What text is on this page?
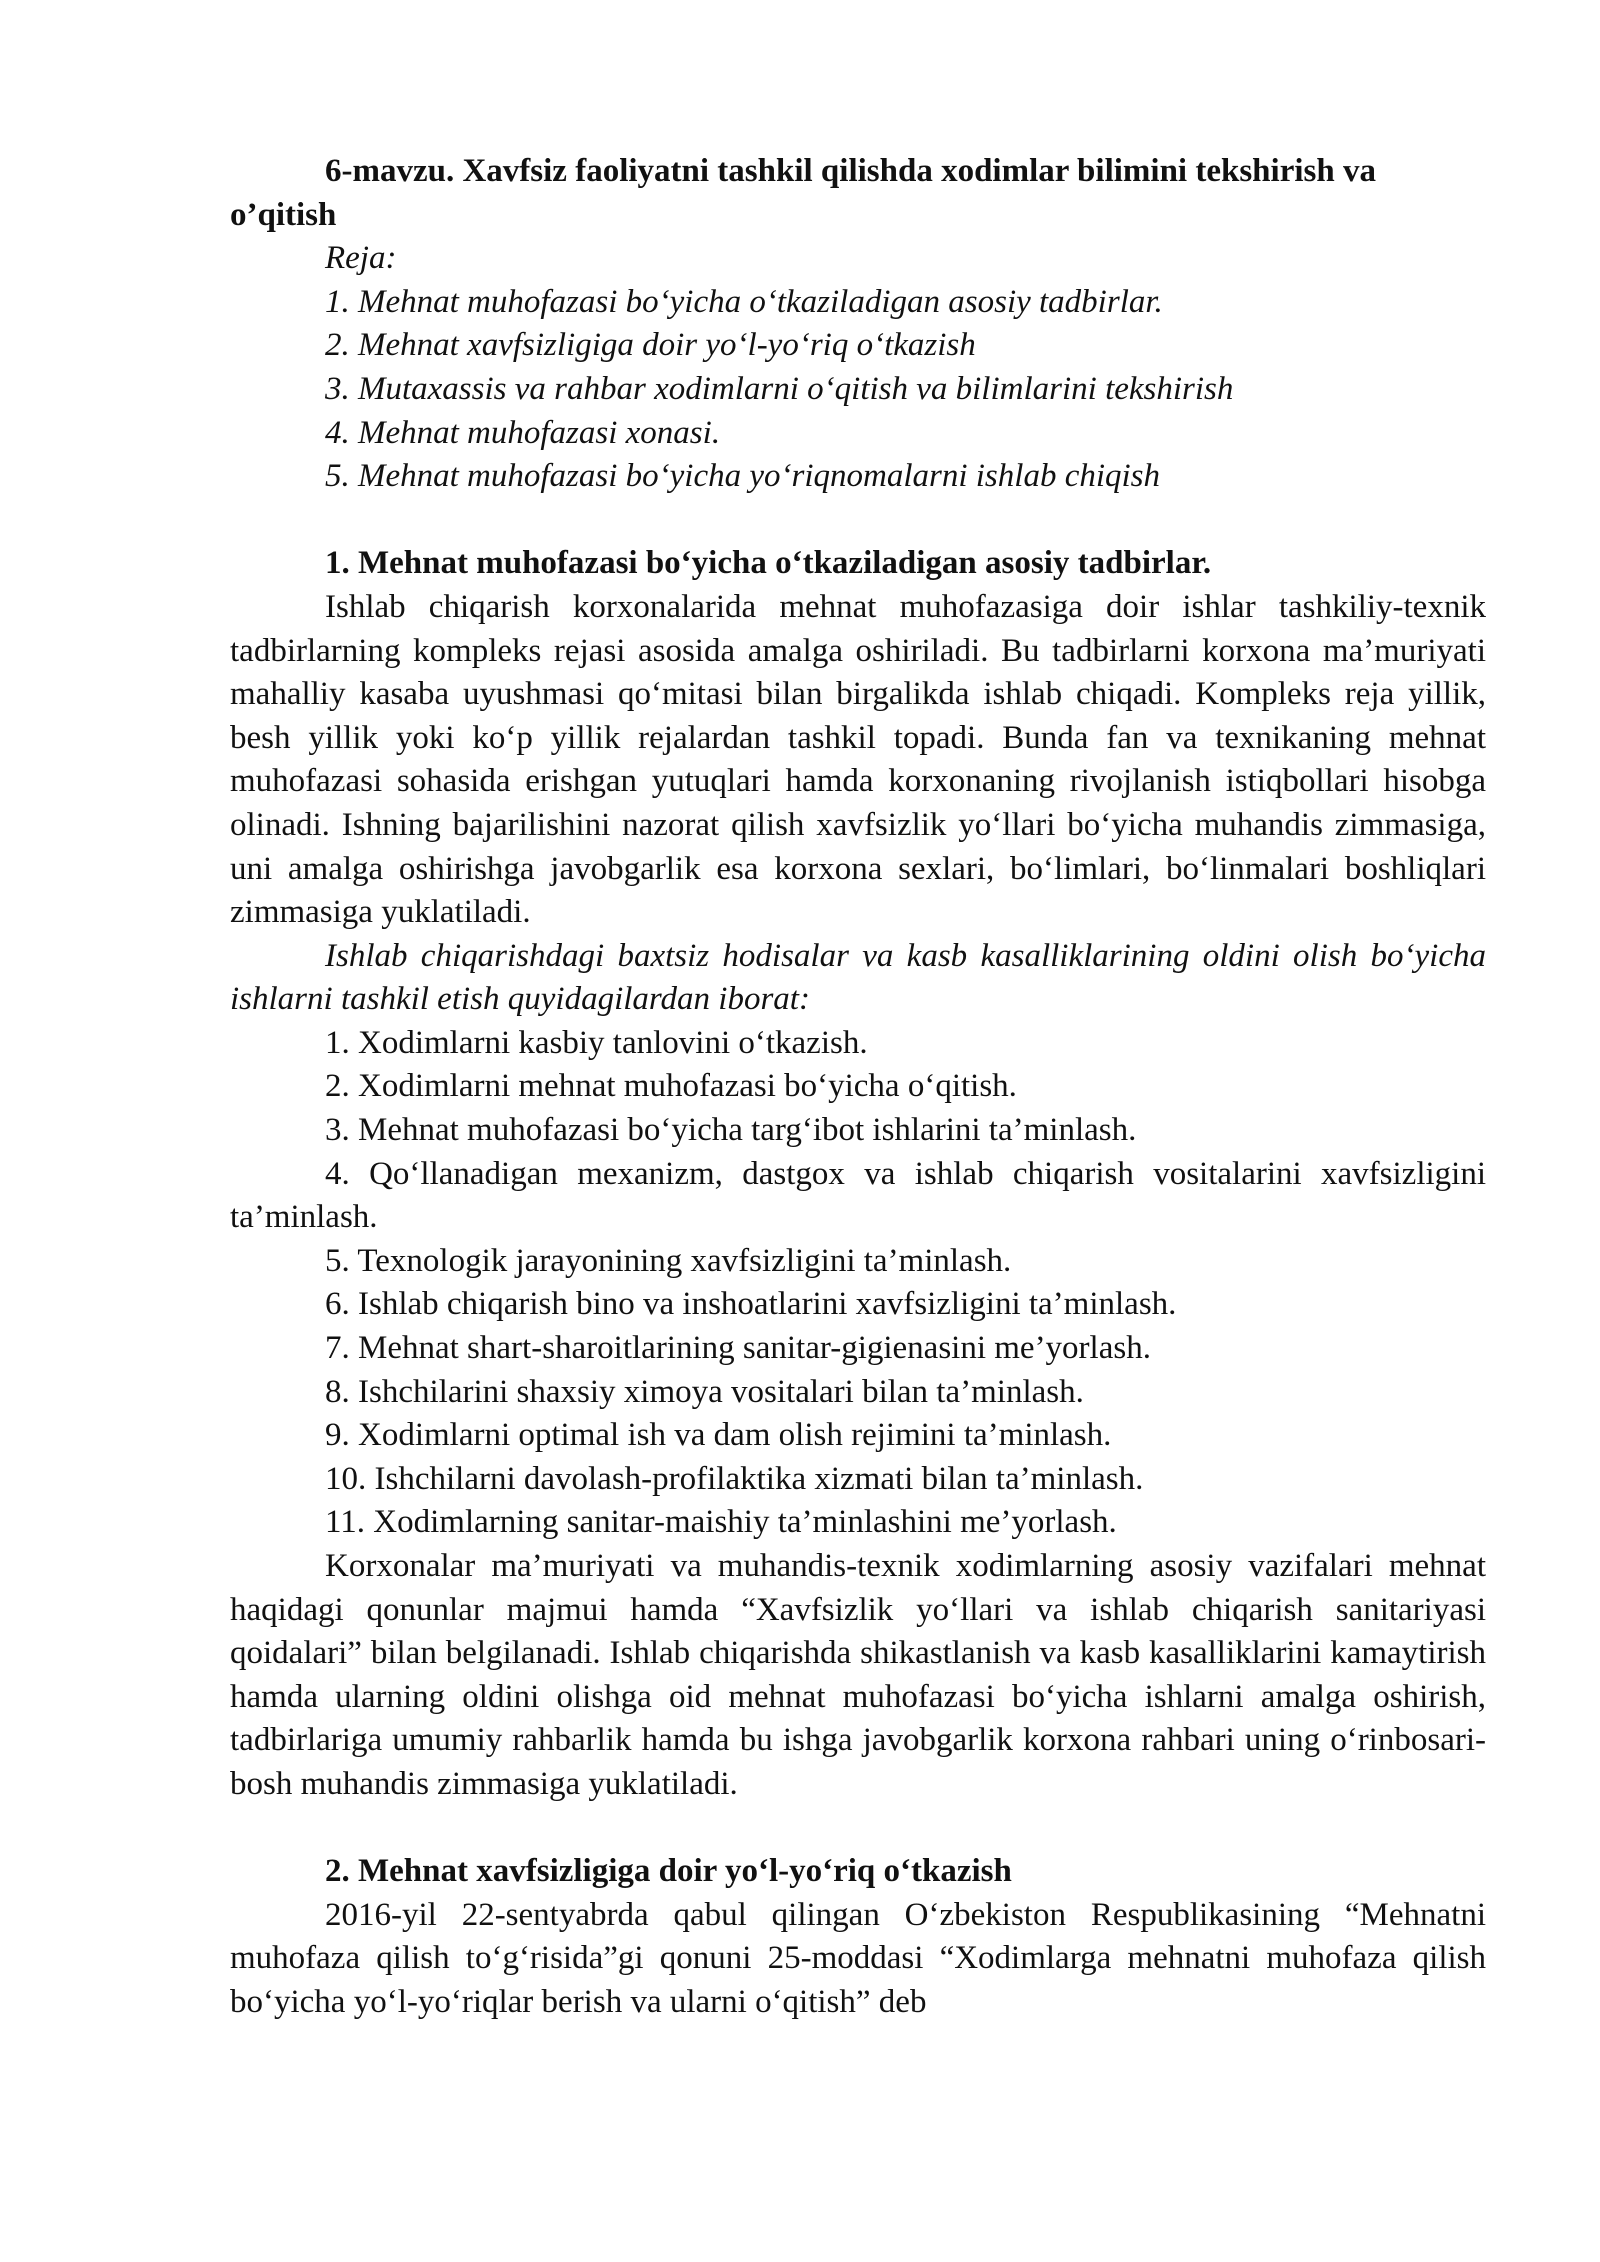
6-mavzu. Xavfsiz faoliyatni tashkil qilishda xodimlar bilimini tekshirish va o’qitish

Reja:
1. Mehnat muhofazasi bo‘yicha o‘tkaziladigan asosiy tadbirlar.
2. Mehnat xavfsizligiga doir yo‘l-yo‘riq o‘tkazish
3. Mutaxassis va rahbar xodimlarni o‘qitish va bilimlarini tekshirish
4. Mehnat muhofazasi xonasi.
5. Mehnat muhofazasi bo‘yicha yo‘riqnomalarni ishlab chiqish

1. Mehnat muhofazasi bo‘yicha o‘tkaziladigan asosiy tadbirlar.

Ishlab chiqarish korxonalarida mehnat muhofazasiga doir ishlar tashkiliy-texnik tadbirlarning kompleks rejasi asosida amalga oshiriladi. Bu tadbirlarni korxona ma’muriyati mahalliy kasaba uyushmasi qo‘mitasi bilan birgalikda ishlab chiqadi. Kompleks reja yillik, besh yillik yoki ko‘p yillik rejalardan tashkil topadi. Bunda fan va texnikaning mehnat muhofazasi sohasida erishgan yutuqlari hamda korxonaning rivojlanish istiqbollari hisobga olinadi. Ishning bajarilishini nazorat qilish xavfsizlik yo‘llari bo‘yicha muhandis zimmasiga, uni amalga oshirishga javobgarlik esa korxona sexlari, bo‘limlari, bo‘linmalari boshliqlari zimmasiga yuklatiladi.

Ishlab chiqarishdagi baxtsiz hodisalar va kasb kasalliklarining oldini olish bo‘yicha ishlarni tashkil etish quyidagilardan iborat:

1. Xodimlarni kasbiy tanlovini o‘tkazish.

2. Xodimlarni mehnat muhofazasi bo‘yicha o‘qitish.

3. Mehnat muhofazasi bo‘yicha targ‘ibot ishlarini ta’minlash.

4. Qo‘llanadigan mexanizm, dastgox va ishlab chiqarish vositalarini xavfsizligini ta’minlash.

5. Texnologik jarayonining xavfsizligini ta’minlash.

6. Ishlab chiqarish bino va inshoatlarini xavfsizligini ta’minlash.

7. Mehnat shart-sharoitlarining sanitar-gigienasini me’yorlash.

8. Ishchilarini shaxsiy ximoya vositalari bilan ta’minlash.

9. Xodimlarni optimal ish va dam olish rejimini ta’minlash.

10. Ishchilarni davolash-profilaktika xizmati bilan ta’minlash.

11. Xodimlarning sanitar-maishiy ta’minlashini me’yorlash.

Korxonalar ma’muriyati va muhandis-texnik xodimlarning asosiy vazifalari mehnat haqidagi qonunlar majmui hamda “Xavfsizlik yo‘llari va ishlab chiqarish sanitariyasi qoidalari” bilan belgilanadi. Ishlab chiqarishda shikastlanish va kasb kasalliklarini kamaytirish hamda ularning oldini olishga oid mehnat muhofazasi bo‘yicha ishlarni amalga oshirish, tadbirlariga umumiy rahbarlik hamda bu ishga javobgarlik korxona rahbari uning o‘rinbosari-bosh muhandis zimmasiga yuklatiladi.

2. Mehnat xavfsizligiga doir yo‘l-yo‘riq o‘tkazish

2016-yil 22-sentyabrda qabul qilingan O‘zbekiston Respublikasining “Mehnatni muhofaza qilish to‘g‘risida”gi qonuni 25-moddasi “Xodimlarga mehnatni muhofaza qilish bo‘yicha yo‘l-yo‘riqlar berish va ularni o‘qitish” deb
